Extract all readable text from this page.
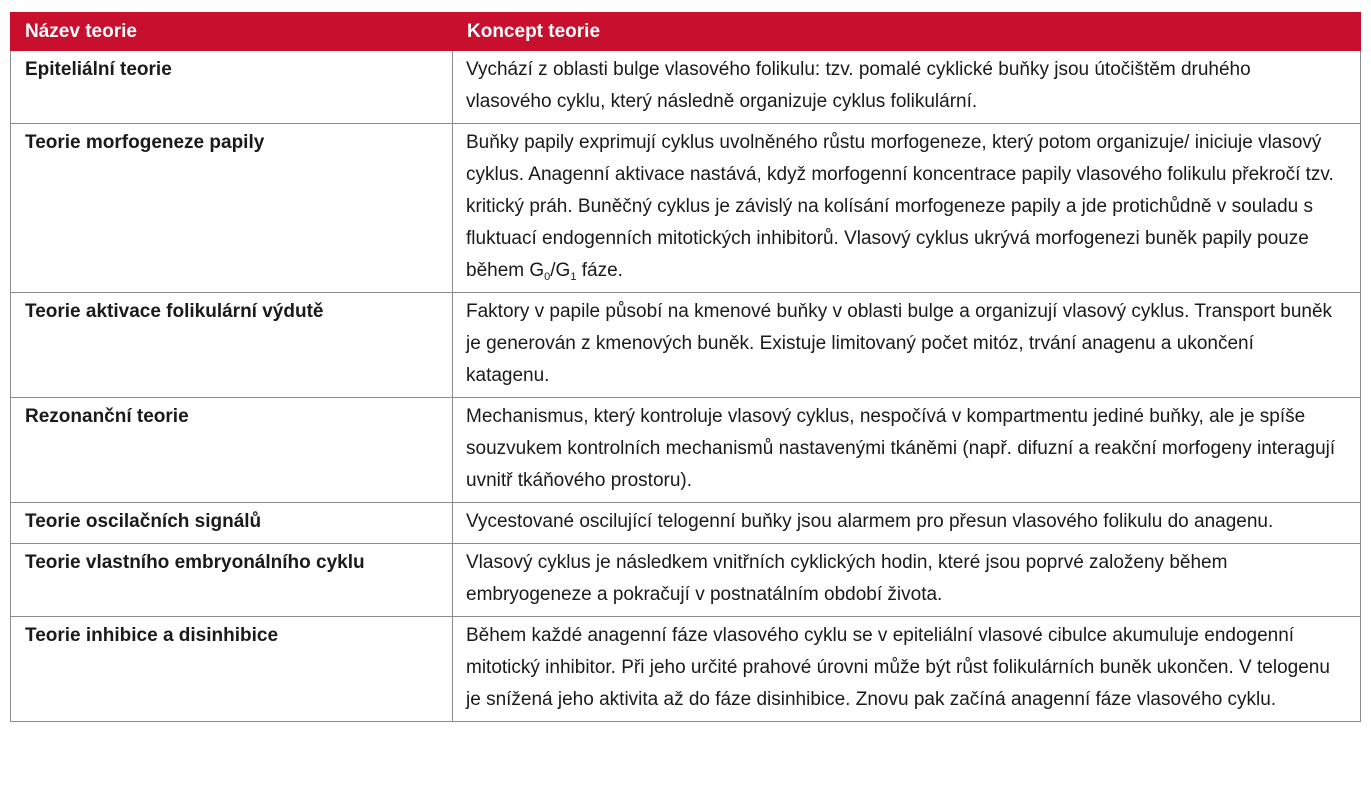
Název teorie	Koncept teorie
Epiteliální teorie	Vychází z oblasti bulge vlasového folikulu: tzv. pomalé cyklické buňky jsou útočištěm druhého vlasového cyklu, který následně organizuje cyklus folikulární.
Teorie morfogeneze papily	Buňky papily exprimují cyklus uvolněného růstu morfogeneze, který potom organizuje/ iniciuje vlasový cyklus. Anagenní aktivace nastává, když morfogenní koncentrace papily vlasového folikulu překročí tzv. kritický práh. Buněčný cyklus je závislý na kolísání morfogeneze papily a jde protichůdně v souladu s fluktuací endogenních mitotických inhibitorů. Vlasový cyklus ukrývá morfogenezi buněk papily pouze během $G_0/G_1$ fáze.
Teorie aktivace folikulární výdutě	Faktory v papile působí na kmenové buňky v oblasti bulge a organizují vlasový cyklus. Transport buněk je generován z kmenových buněk. Existuje limitovaný počet mitóz, trvání anagenu a ukončení katagenu.
Rezonanční teorie	Mechanismus, který kontroluje vlasový cyklus, nespočívá v kompartmentu jediné buňky, ale je spíše souzvukem kontrolních mechanismů nastavenými tkáněmi (např. difuzní a reakční morfogeny interagují uvnitř tkáňového prostoru).
Teorie oscilačních signálů	Vycestované oscilující telogenní buňky jsou alarmem pro přesun vlasového folikulu do anagenu.
Teorie vlastního embryonálního cyklu	Vlasový cyklus je následkem vnitřních cyklických hodin, které jsou poprvé založeny během embryogeneze a pokračují v postnatálním období života.
Teorie inhibice a disinhibice	Během každé anagenní fáze vlasového cyklu se v epiteliální vlasové cibulce akumuluje endogenní mitotický inhibitor. Při jeho určité prahové úrovni může být růst folikulárních buněk ukončen. V telogenu je snížená jeho aktivita až do fáze disinhibice. Znovu pak začíná anagenní fáze vlasového cyklu.
